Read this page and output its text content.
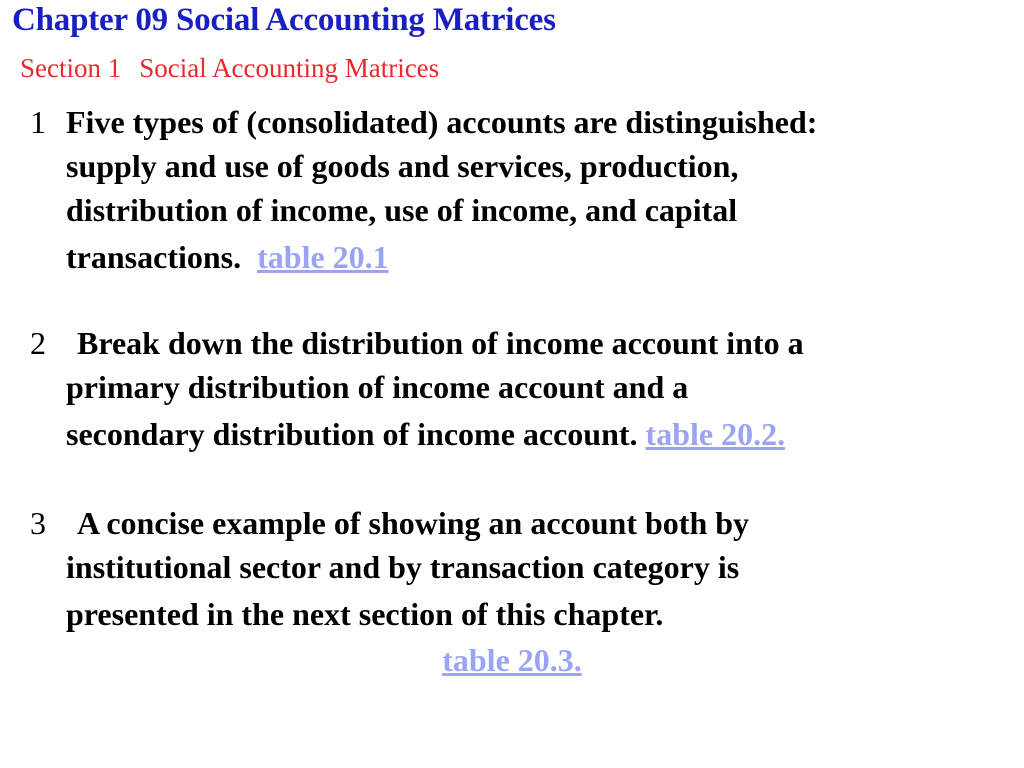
Chapter 09 Social Accounting Matrices
Section 1 Social Accounting Matrices
1 Five types of (consolidated) accounts are distinguished:
supply and use of goods and services, production,
distribution of income, use of income, and capital
transactions. table 20.1
2 Break down the distribution of income account into a
primary distribution of income account and a
secondary distribution of income account. table 20.2.
3 A concise example of showing an account both by
institutional sector and by transaction category is
presented in the next section of this chapter.
table 20.3.
